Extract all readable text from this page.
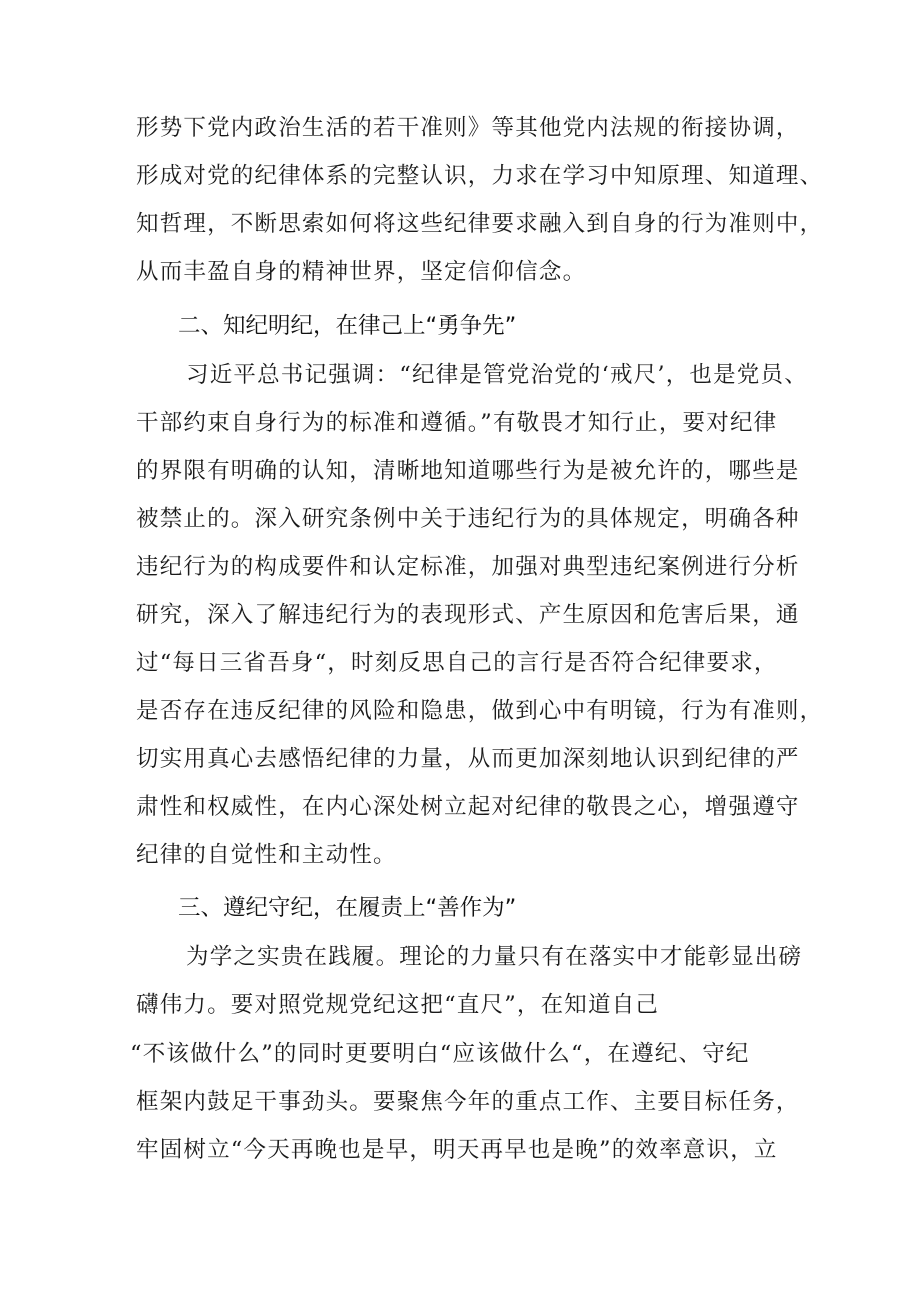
形势下党内政治生活的若干准则》等其他党内法规的衔接协调，
形成对党的纪律体系的完整认识，力求在学习中知原理、知道理、
知哲理，不断思索如何将这些纪律要求融入到自身的行为准则中，
从而丰盈自身的精神世界，坚定信仰信念。
二、知纪明纪，在律己上“勇争先”
习近平总书记强调：“纪律是管党治党的‘戒尺’，也是党员、
干部约束自身行为的标准和遵循。”有敬畏才知行止，要对纪律
的界限有明确的认知，清晰地知道哪些行为是被允许的，哪些是
被禁止的。深入研究条例中关于违纪行为的具体规定，明确各种
违纪行为的构成要件和认定标准，加强对典型违纪案例进行分析
研究，深入了解违纪行为的表现形式、产生原因和危害后果，通
过“每日三省吾身“，时刻反思自己的言行是否符合纪律要求，
是否存在违反纪律的风险和隐患，做到心中有明镜，行为有准则，
切实用真心去感悟纪律的力量，从而更加深刻地认识到纪律的严
肃性和权威性，在内心深处树立起对纪律的敬畏之心，增强遵守
纪律的自觉性和主动性。
三、遵纪守纪，在履责上“善作为”
为学之实贵在践履。理论的力量只有在落实中才能彰显出磅
礴伟力。要对照党规党纪这把“直尺”，在知道自己
“不该做什么”的同时更要明白“应该做什么“，在遵纪、守纪
框架内鼓足干事劲头。要聚焦今年的重点工作、主要目标任务，
牢固树立“今天再晚也是早，明天再早也是晚”的效率意识，立
